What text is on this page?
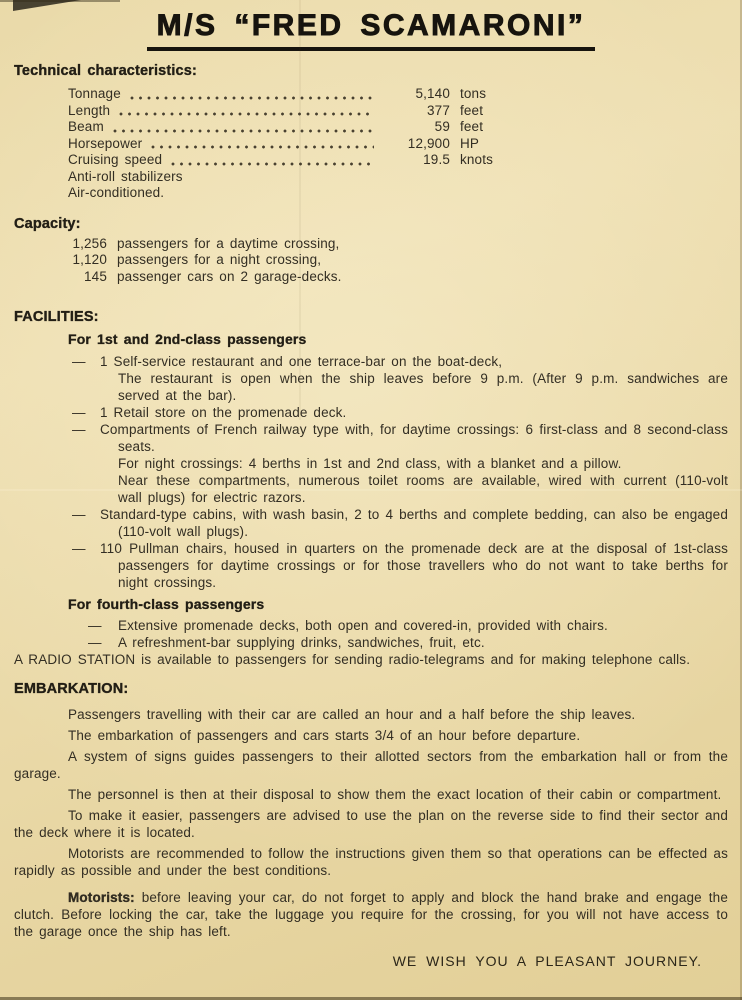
M/S “FRED SCAMARONI”
Technical characteristics:
Tonnage	5,140 tons
Length	377 feet
Beam	59 feet
Horsepower	12,900 HP
Cruising speed	19.5 knots
Anti-roll stabilizers
Air-conditioned.
Capacity:
1,256 passengers for a daytime crossing,
1,120 passengers for a night crossing,
145 passenger cars on 2 garage-decks.
FACILITIES:
For 1st and 2nd-class passengers
— 1 Self-service restaurant and one terrace-bar on the boat-deck,
The restaurant is open when the ship leaves before 9 p.m. (After 9 p.m. sandwiches are served at the bar).
— 1 Retail store on the promenade deck.
— Compartments of French railway type with, for daytime crossings: 6 first-class and 8 second-class seats.
For night crossings: 4 berths in 1st and 2nd class, with a blanket and a pillow.
Near these compartments, numerous toilet rooms are available, wired with current (110-volt wall plugs) for electric razors.
— Standard-type cabins, with wash basin, 2 to 4 berths and complete bedding, can also be engaged (110-volt wall plugs).
— 110 Pullman chairs, housed in quarters on the promenade deck are at the disposal of 1st-class passengers for daytime crossings or for those travellers who do not want to take berths for night crossings.
For fourth-class passengers
— Extensive promenade decks, both open and covered-in, provided with chairs.
— A refreshment-bar supplying drinks, sandwiches, fruit, etc.

A RADIO STATION is available to passengers for sending radio-telegrams and for making telephone calls.

EMBARKATION:

Passengers travelling with their car are called an hour and a half before the ship leaves.

The embarkation of passengers and cars starts 3/4 of an hour before departure.

A system of signs guides passengers to their allotted sectors from the embarkation hall or from the garage.

The personnel is then at their disposal to show them the exact location of their cabin or compartment.

To make it easier, passengers are advised to use the plan on the reverse side to find their sector and the deck where it is located.

Motorists are recommended to follow the instructions given them so that operations can be effected as rapidly as possible and under the best conditions.

Motorists: before leaving your car, do not forget to apply and block the hand brake and engage the clutch. Before locking the car, take the luggage you require for the crossing, for you will not have access to the garage once the ship has left.

WE WISH YOU A PLEASANT JOURNEY.
